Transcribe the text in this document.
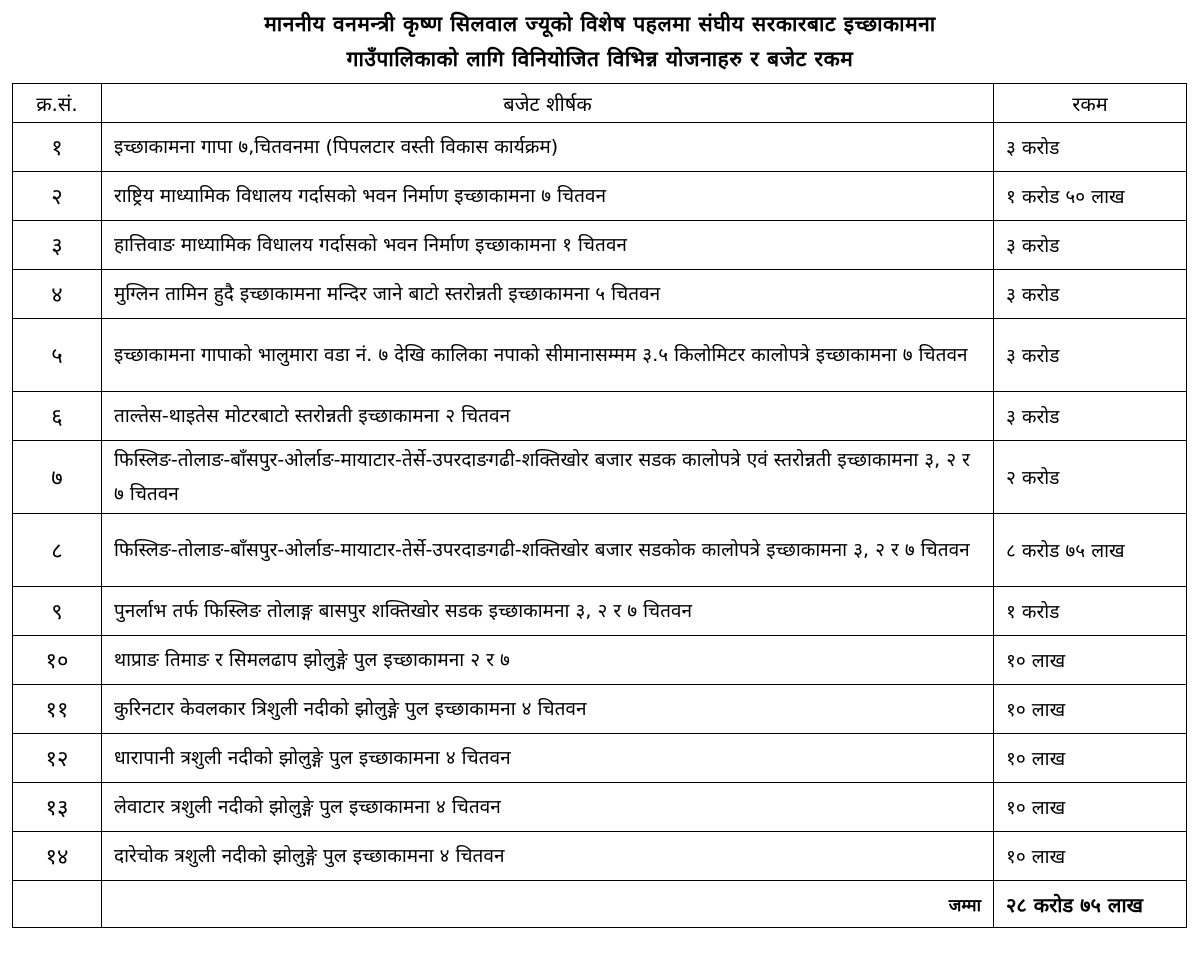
माननीय वनमन्त्री कृष्ण सिलवाल ज्यूको विशेष पहलमा संघीय सरकारबाट इच्छाकामना
गाउँपालिकाको लागि विनियोजित विभिन्न योजनाहरु र बजेट रकम
क्र.सं.	बजेट शीर्षक	रकम
१	इच्छाकामना गापा ७,चितवनमा (पिपलटार वस्ती विकास कार्यक्रम)	३ करोड
२	राष्ट्रिय माध्यामिक विधालय गर्दासको भवन निर्माण इच्छाकामना ७ चितवन	१ करोड ५० लाख
३	हात्तिवाङ माध्यामिक विधालय गर्दासको भवन निर्माण इच्छाकामना १ चितवन	३ करोड
४	मुग्लिन तामिन हुदै इच्छाकामना मन्दिर जाने बाटो स्तरोन्नती इच्छाकामना ५ चितवन	३ करोड
५	इच्छाकामना गापाको भालुमारा वडा नं. ७ देखि कालिका नपाको सीमानासम्मम ३.५ किलोमिटर कालोपत्रे इच्छाकामना ७ चितवन	३ करोड
६	ताल्तेस-थाइतेस मोटरबाटो स्तरोन्नती इच्छाकामना २ चितवन	३ करोड
७	फिस्लिङ-तोलाङ-बाँसपुर-ओर्लाङ-मायाटार-तेर्से-उपरदाङगढी-शक्तिखोर बजार सडक कालोपत्रे एवं स्तरोन्नती इच्छाकामना ३, २ र ७ चितवन	२ करोड
८	फिस्लिङ-तोलाङ-बाँसपुर-ओर्लाङ-मायाटार-तेर्से-उपरदाङगढी-शक्तिखोर बजार सडकोक कालोपत्रे इच्छाकामना ३, २ र ७ चितवन	८ करोड ७५ लाख
९	पुनर्लाभ तर्फ फिस्लिङ तोलाङ्ग बासपुर शक्तिखोर सडक इच्छाकामना ३, २ र ७ चितवन	१ करोड
१०	थाप्राङ तिमाङ र सिमलढाप झोलुङ्गे पुल इच्छाकामना २ र ७	१० लाख
११	कुरिनटार केवलकार त्रिशुली नदीको झोलुङ्गे पुल इच्छाकामना ४ चितवन	१० लाख
१२	धारापानी त्रशुली नदीको झोलुङ्गे पुल इच्छाकामना ४ चितवन	१० लाख
१३	लेवाटार त्रशुली नदीको झोलुङ्गे पुल इच्छाकामना ४ चितवन	१० लाख
१४	दारेचोक त्रशुली नदीको झोलुङ्गे पुल इच्छाकामना ४ चितवन	१० लाख
	जम्मा	२८ करोड ७५ लाख
